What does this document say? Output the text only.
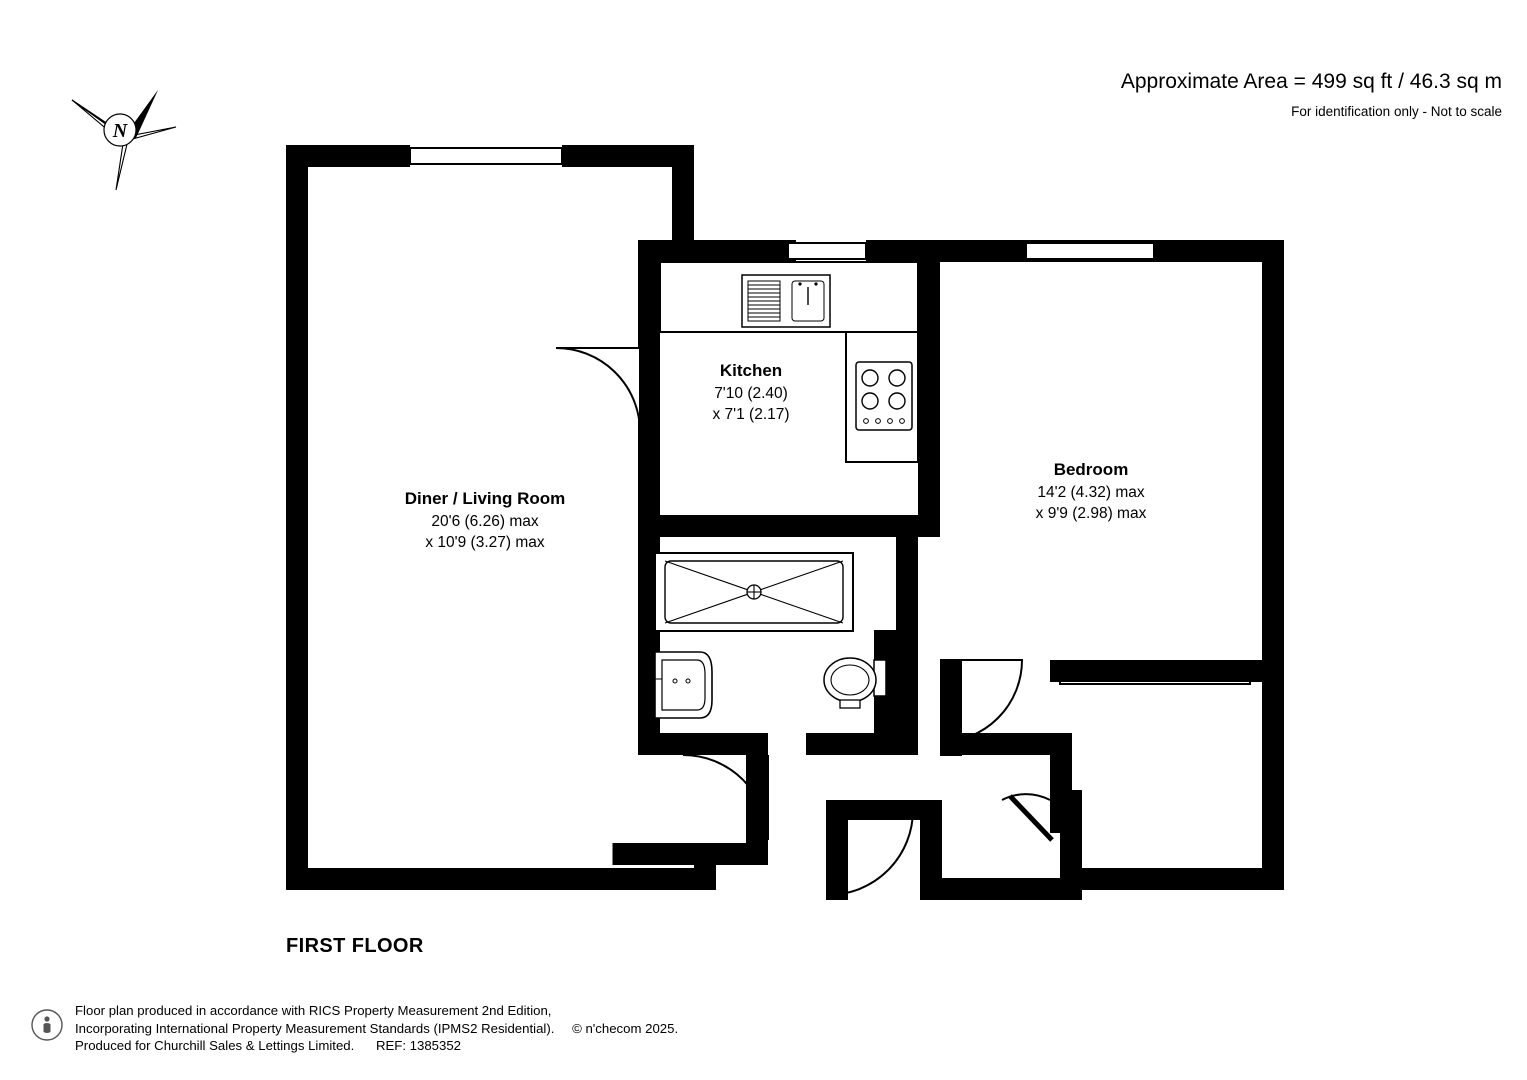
Approximate Area = 499 sq ft / 46.3 sq m
For identification only - Not to scale
N
Kitchen
7'10 (2.40)
x 7'1 (2.17)
Diner / Living Room
20'6 (6.26) max
x 10'9 (3.27) max
Bedroom
14'2 (4.32) max
x 9'9 (2.98) max
FIRST FLOOR
Floor plan produced in accordance with RICS Property Measurement 2nd Edition,
Incorporating International Property Measurement Standards (IPMS2 Residential). © n'checom 2025.
Produced for Churchill Sales & Lettings Limited. REF: 1385352
